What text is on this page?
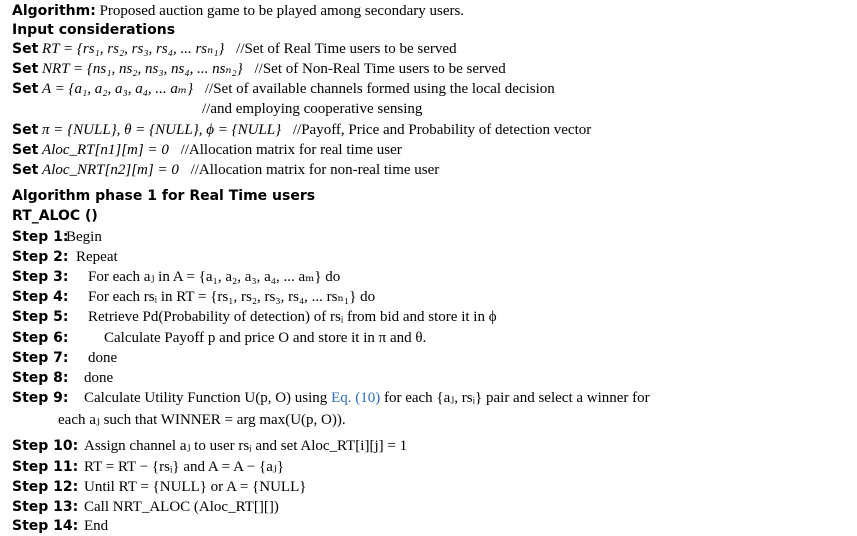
Algorithm: Proposed auction game to be played among secondary users.
Input considerations
Set RT = {rs₁, rs₂, rs₃, rs₄, ... rsₙ₁} //Set of Real Time users to be served
Set NRT = {ns₁, ns₂, ns₃, ns₄, ... nsₙ₂} //Set of Non-Real Time users to be served
Set A = {a₁, a₂, a₃, a₄, ... aₘ} //Set of available channels formed using the local decision
//and employing cooperative sensing
Set π = {NULL}, θ = {NULL}, ϕ = {NULL} //Payoff, Price and Probability of detection vector
Set Aloc_RT[n1][m] = 0 //Allocation matrix for real time user
Set Aloc_NRT[n2][m] = 0 //Allocation matrix for non-real time user
Algorithm phase 1 for Real Time users
RT_ALOC ()
Step 1:Begin
Step 2: Repeat
Step 3: For each aⱼ in A = {a₁, a₂, a₃, a₄, ... aₘ} do
Step 4: For each rsᵢ in RT = {rs₁, rs₂, rs₃, rs₄, ... rsₙ₁} do
Step 5: Retrieve Pd(Probability of detection) of rsᵢ from bid and store it in ϕ
Step 6: Calculate Payoff p and price O and store it in π and θ.
Step 7: done
Step 8: done
Step 9: Calculate Utility Function U(p, O) using Eq. (10) for each {aⱼ, rsᵢ} pair and select a winner for
each aⱼ such that WINNER = arg max(U(p, O)).
Step 10: Assign channel aⱼ to user rsᵢ and set Aloc_RT[i][j] = 1
Step 11: RT = RT − {rsᵢ} and A = A − {aⱼ}
Step 12: Until RT = {NULL} or A = {NULL}
Step 13: Call NRT_ALOC (Aloc_RT[][])
Step 14: End
